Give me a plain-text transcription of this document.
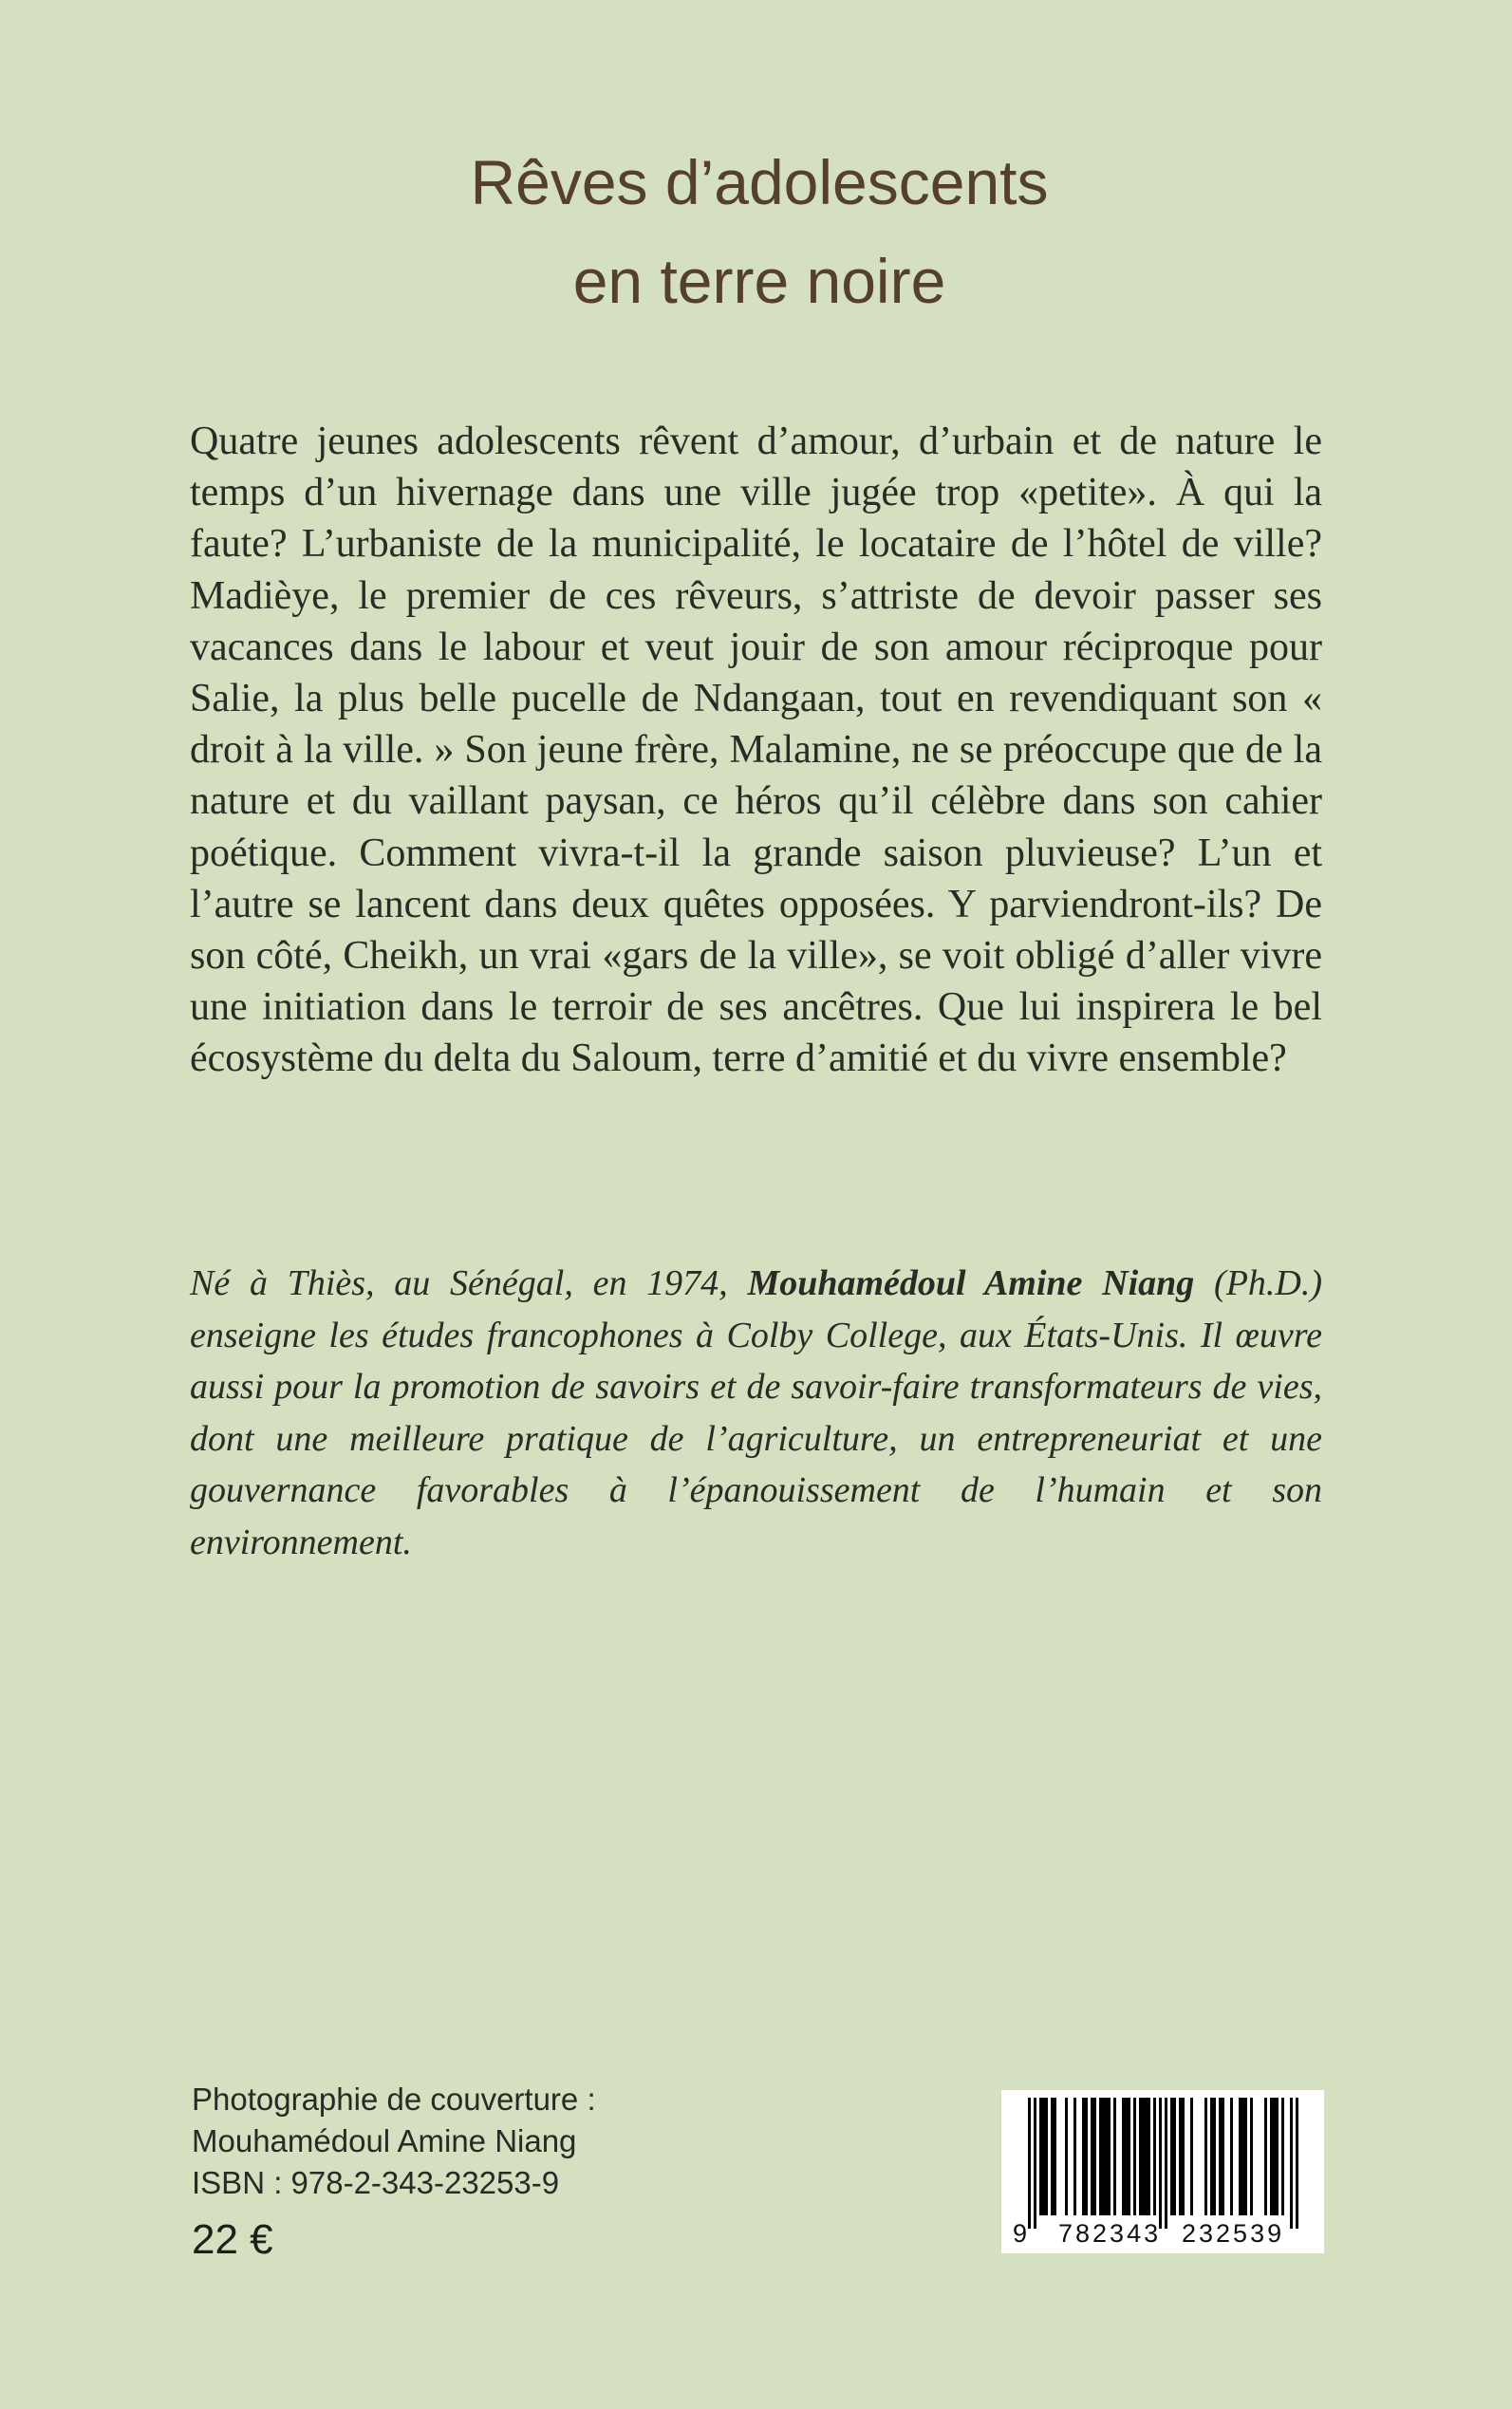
Rêves d’adolescents
en terre noire

Quatre jeunes adolescents rêvent d’amour, d’urbain et de nature le temps d’un hivernage dans une ville jugée trop «petite». À qui la faute? L’urbaniste de la municipalité, le locataire de l’hôtel de ville? Madièye, le premier de ces rêveurs, s’attriste de devoir passer ses vacances dans le labour et veut jouir de son amour réciproque pour Salie, la plus belle pucelle de Ndangaan, tout en revendiquant son « droit à la ville. » Son jeune frère, Malamine, ne se préoccupe que de la nature et du vaillant paysan, ce héros qu’il célèbre dans son cahier poétique. Comment vivra-t-il la grande saison pluvieuse? L’un et l’autre se lancent dans deux quêtes opposées. Y parviendront-ils? De son côté, Cheikh, un vrai «gars de la ville», se voit obligé d’aller vivre une initiation dans le terroir de ses ancêtres. Que lui inspirera le bel écosystème du delta du Saloum, terre d’amitié et du vivre ensemble?

Né à Thiès, au Sénégal, en 1974, Mouhamédoul Amine Niang (Ph.D.) enseigne les études francophones à Colby College, aux États-Unis. Il œuvre aussi pour la promotion de savoirs et de savoir-faire transformateurs de vies, dont une meilleure pratique de l’agriculture, un entrepreneuriat et une gouvernance favorables à l’épanouissement de l’humain et son environnement.

Photographie de couverture :
Mouhamédoul Amine Niang
ISBN : 978-2-343-23253-9
22 €	9 782343 232539
